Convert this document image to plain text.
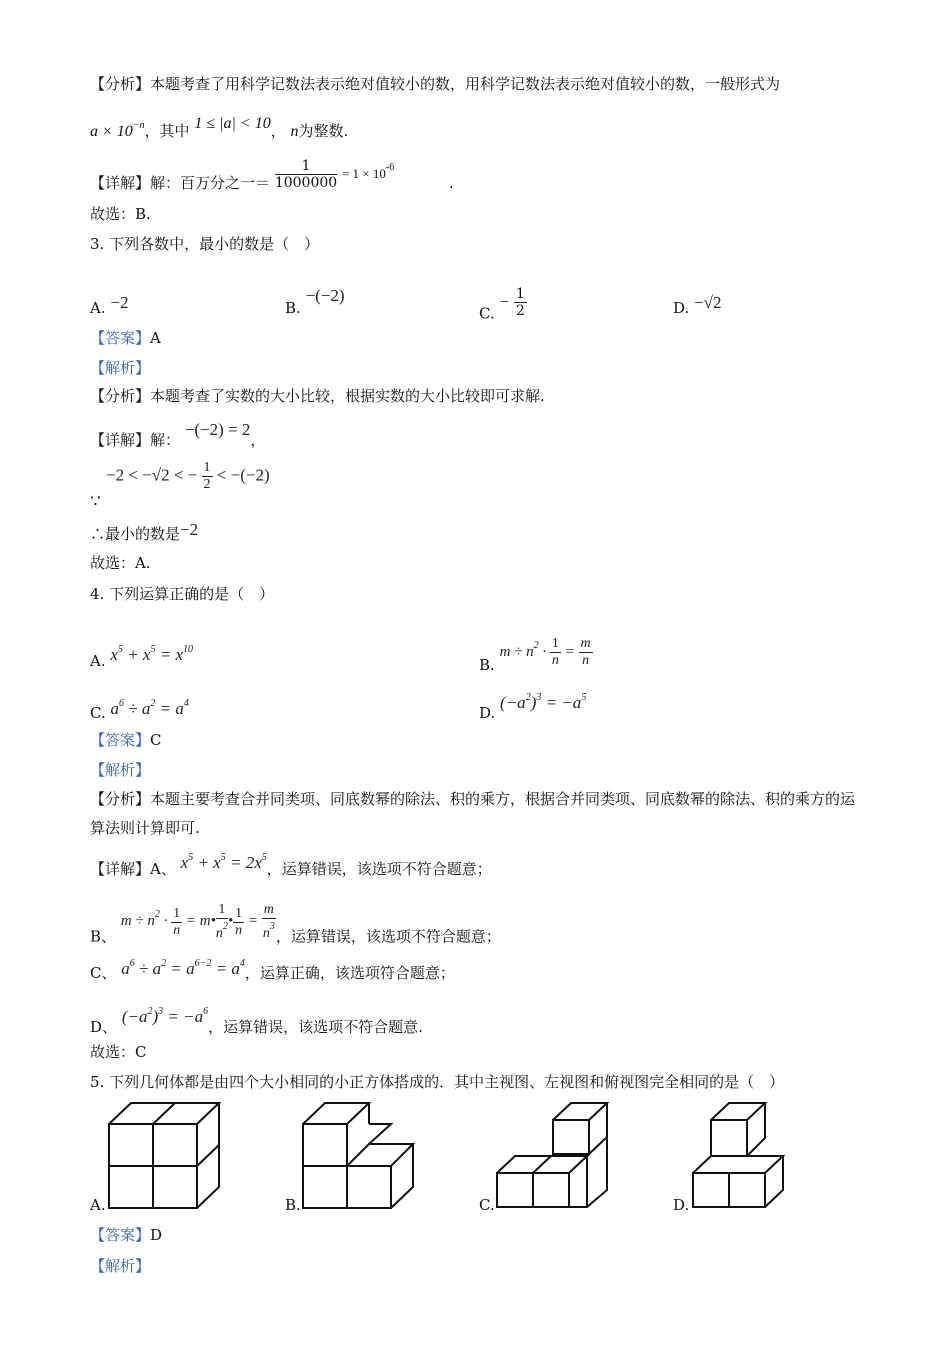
【分析】本题考查了用科学记数法表示绝对值较小的数，用科学记数法表示绝对值较小的数，一般形式为
$a \times 10^{-n}$，其中 1 ≤ |a| < 10， n为整数.
【详解】解：百万分之一＝ $\frac{1}{1000000} = 1 \times 10^{-6}$ .
故选：B.
3. 下列各数中，最小的数是（　）
A. −2	B. −(−2)
C. − $\frac{1}{2}$	D. −√2
【答案】A
【解析】
【分析】本题考查了实数的大小比较，根据实数的大小比较即可求解.
【详解】解： −(−2) = 2，
∵
−2 < −√2 < − $\frac{1}{2} < -(-2)$
∴最小的数是−2
故选：A.
4. 下列运算正确的是（　）
A. $x^5 + x^5 = x^{10}$
B. $m \div n^2 \cdot \frac{1}{n} = \frac{m}{n}$
C. $a^6 \div a^2 = a^4$
D. $(-a^2)^3 = -a^5$
【答案】C
【解析】
【分析】本题主要考查合并同类项、同底数幂的除法、积的乘方，根据合并同类项、同底数幂的除法、积的乘方的运算法则计算即可.
【详解】A、 $x^5 + x^5 = 2x^5$，运算错误，该选项不符合题意；
B、 $m \div n^2 \cdot \frac{1}{n}$ = m• $\frac{1}{n^2}$ • $\frac{1}{n} = \frac{m}{n^3}$ ，运算错误，该选项不符合题意；
C、 $a^6 \div a^2 = a^{6-2} = a^4$，运算正确，该选项符合题意；
D、 $(-a^2)^3 = -a^6$，运算错误，该选项不符合题意.
故选：C
5. 下列几何体都是由四个大小相同的小正方体搭成的．其中主视图、左视图和俯视图完全相同的是（　）
A.	B.	C.	D.
【答案】D
【解析】
